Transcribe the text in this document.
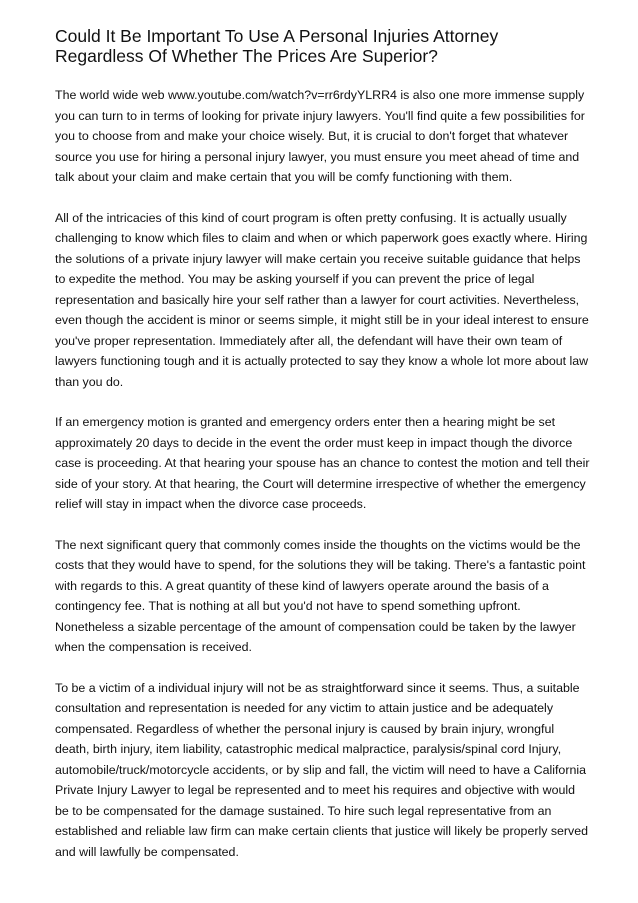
Could It Be Important To Use A Personal Injuries Attorney Regardless Of Whether The Prices Are Superior?

The world wide web www.youtube.com/watch?v=rr6rdyYLRR4 is also one more immense supply you can turn to in terms of looking for private injury lawyers. You'll find quite a few possibilities for you to choose from and make your choice wisely. But, it is crucial to don't forget that whatever source you use for hiring a personal injury lawyer, you must ensure you meet ahead of time and talk about your claim and make certain that you will be comfy functioning with them.

All of the intricacies of this kind of court program is often pretty confusing. It is actually usually challenging to know which files to claim and when or which paperwork goes exactly where. Hiring the solutions of a private injury lawyer will make certain you receive suitable guidance that helps to expedite the method. You may be asking yourself if you can prevent the price of legal representation and basically hire your self rather than a lawyer for court activities. Nevertheless, even though the accident is minor or seems simple, it might still be in your ideal interest to ensure you've proper representation. Immediately after all, the defendant will have their own team of lawyers functioning tough and it is actually protected to say they know a whole lot more about law than you do.

If an emergency motion is granted and emergency orders enter then a hearing might be set approximately 20 days to decide in the event the order must keep in impact though the divorce case is proceeding. At that hearing your spouse has an chance to contest the motion and tell their side of your story. At that hearing, the Court will determine irrespective of whether the emergency relief will stay in impact when the divorce case proceeds.

The next significant query that commonly comes inside the thoughts on the victims would be the costs that they would have to spend, for the solutions they will be taking. There's a fantastic point with regards to this. A great quantity of these kind of lawyers operate around the basis of a contingency fee. That is nothing at all but you'd not have to spend something upfront. Nonetheless a sizable percentage of the amount of compensation could be taken by the lawyer when the compensation is received.

To be a victim of a individual injury will not be as straightforward since it seems. Thus, a suitable consultation and representation is needed for any victim to attain justice and be adequately compensated. Regardless of whether the personal injury is caused by brain injury, wrongful death, birth injury, item liability, catastrophic medical malpractice, paralysis/spinal cord Injury, automobile/truck/motorcycle accidents, or by slip and fall, the victim will need to have a California Private Injury Lawyer to legal be represented and to meet his requires and objective with would be to be compensated for the damage sustained. To hire such legal representative from an established and reliable law firm can make certain clients that justice will likely be properly served and will lawfully be compensated.
